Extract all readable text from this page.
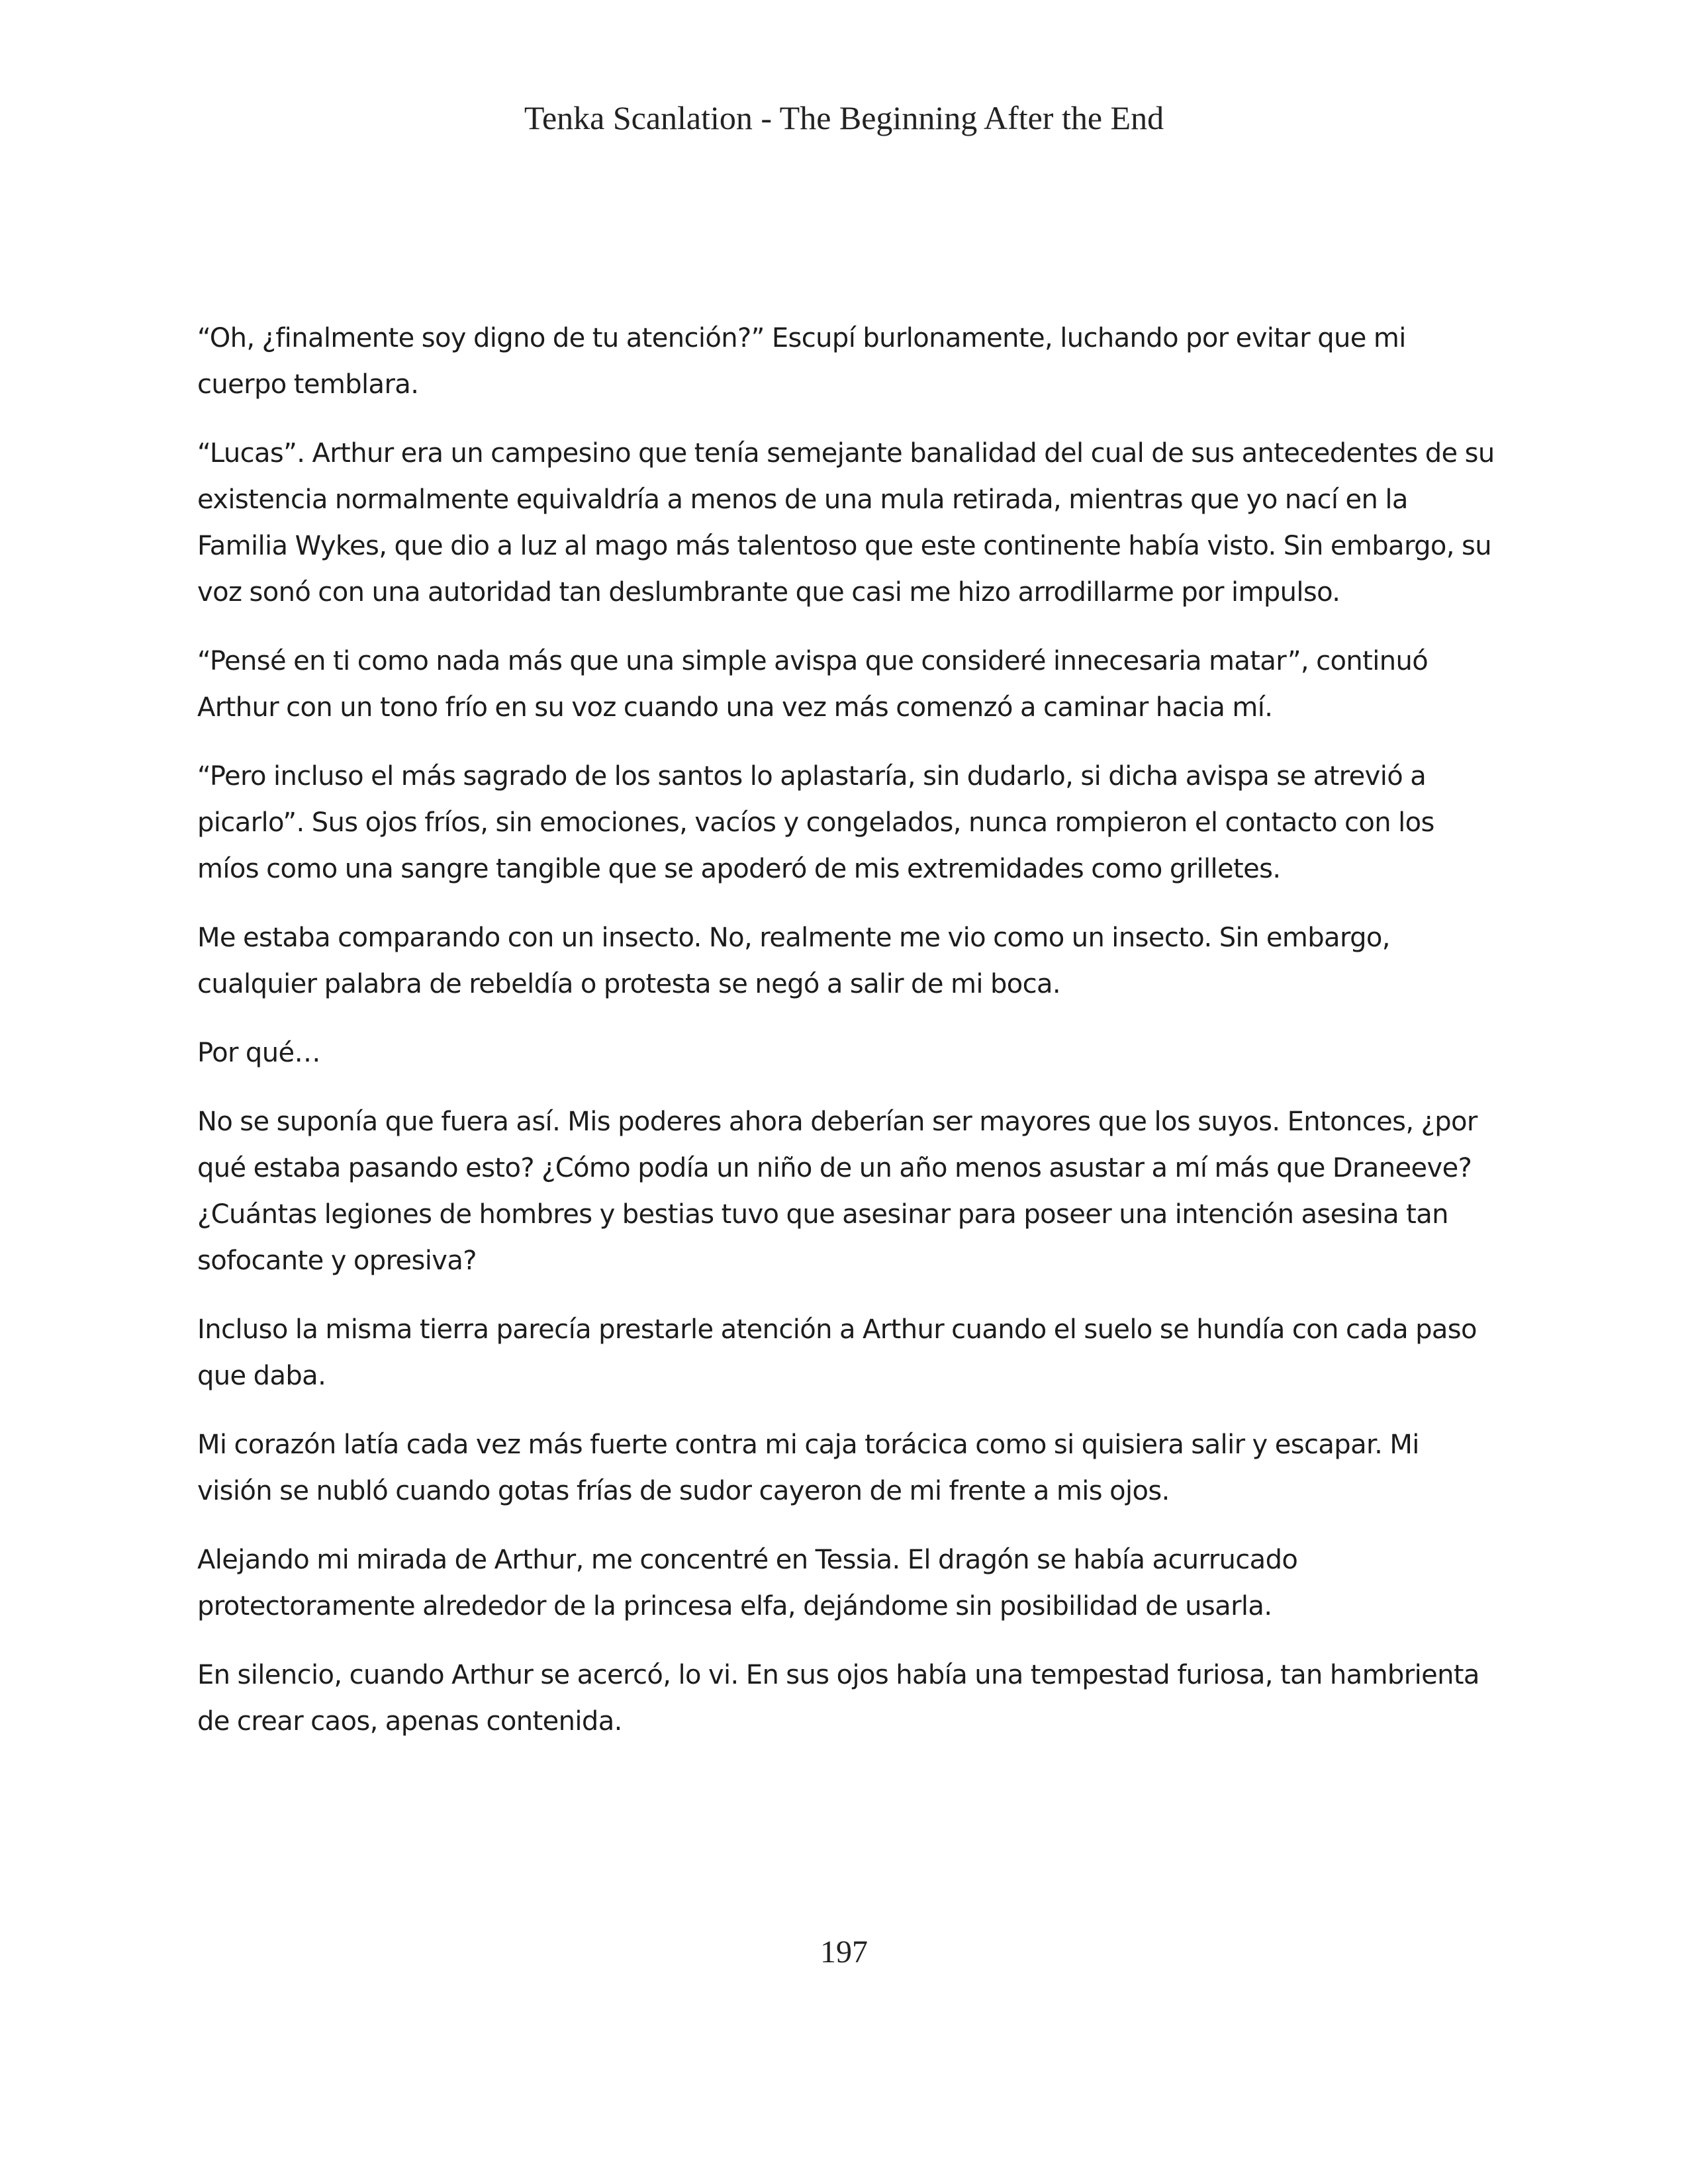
Tenka Scanlation - The Beginning After the End

“Oh, ¿finalmente soy digno de tu atención?” Escupí burlonamente, luchando por evitar que mi cuerpo temblara.

“Lucas”. Arthur era un campesino que tenía semejante banalidad del cual de sus antecedentes de su existencia normalmente equivaldría a menos de una mula retirada, mientras que yo nací en la Familia Wykes, que dio a luz al mago más talentoso que este continente había visto. Sin embargo, su voz sonó con una autoridad tan deslumbrante que casi me hizo arrodillarme por impulso.

“Pensé en ti como nada más que una simple avispa que consideré innecesaria matar”, continuó Arthur con un tono frío en su voz cuando una vez más comenzó a caminar hacia mí.

“Pero incluso el más sagrado de los santos lo aplastaría, sin dudarlo, si dicha avispa se atrevió a picarlo”. Sus ojos fríos, sin emociones, vacíos y congelados, nunca rompieron el contacto con los míos como una sangre tangible que se apoderó de mis extremidades como grilletes.

Me estaba comparando con un insecto. No, realmente me vio como un insecto. Sin embargo, cualquier palabra de rebeldía o protesta se negó a salir de mi boca.

Por qué…

No se suponía que fuera así. Mis poderes ahora deberían ser mayores que los suyos. Entonces, ¿por qué estaba pasando esto? ¿Cómo podía un niño de un año menos asustar a mí más que Draneeve? ¿Cuántas legiones de hombres y bestias tuvo que asesinar para poseer una intención asesina tan sofocante y opresiva?

Incluso la misma tierra parecía prestarle atención a Arthur cuando el suelo se hundía con cada paso que daba.

Mi corazón latía cada vez más fuerte contra mi caja torácica como si quisiera salir y escapar. Mi visión se nubló cuando gotas frías de sudor cayeron de mi frente a mis ojos.

Alejando mi mirada de Arthur, me concentré en Tessia. El dragón se había acurrucado protectoramente alrededor de la princesa elfa, dejándome sin posibilidad de usarla.

En silencio, cuando Arthur se acercó, lo vi. En sus ojos había una tempestad furiosa, tan hambrienta de crear caos, apenas contenida.

197
